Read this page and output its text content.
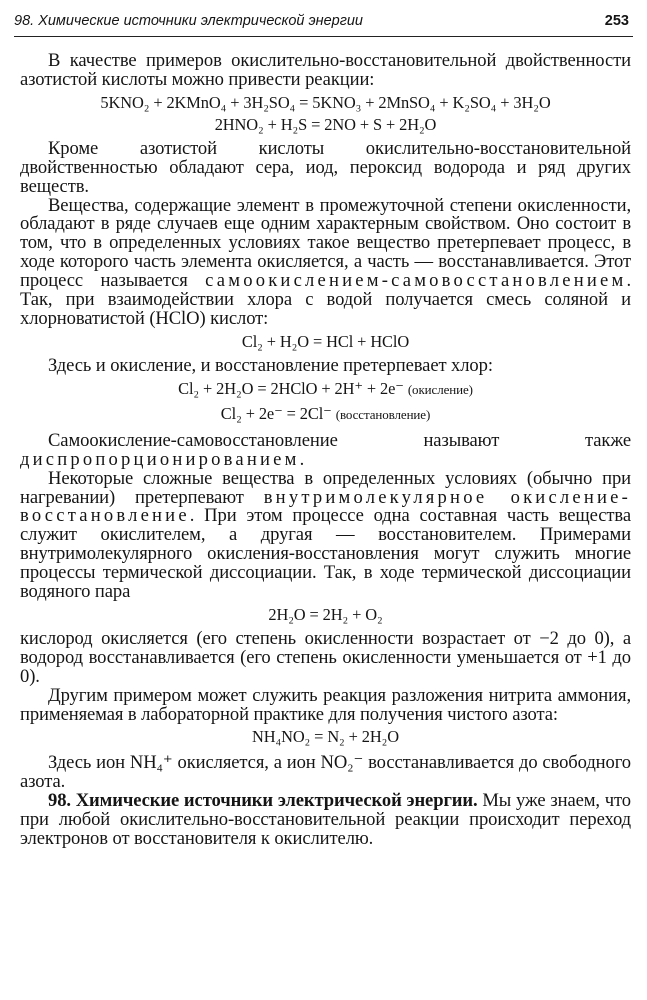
98. Химические источники электрической энергии	253

В качестве примеров окислительно-восстановительной двойственности азотистой кислоты можно привести реакции:

5KNO₂ + 2KMnO₄ + 3H₂SO₄ = 5KNO₃ + 2MnSO₄ + K₂SO₄ + 3H₂O
2HNO₂ + H₂S = 2NO + S + 2H₂O

Кроме азотистой кислоты окислительно-восстановительной двойственностью обладают сера, иод, пероксид водорода и ряд других веществ.

Вещества, содержащие элемент в промежуточной степени окисленности, обладают в ряде случаев еще одним характерным свойством. Оно состоит в том, что в определенных условиях такое вещество претерпевает процесс, в ходе которого часть элемента окисляется, а часть — восстанавливается. Этот процесс называется самоокислением-самовосстановлением. Так, при взаимодействии хлора с водой получается смесь соляной и хлорноватистой (HClO) кислот:

Cl₂ + H₂O = HCl + HClO

Здесь и окисление, и восстановление претерпевает хлор:

Cl₂ + 2H₂O = 2HClO + 2H⁺ + 2e⁻ (окисление)
Cl₂ + 2e⁻ = 2Cl⁻ (восстановление)

Самоокисление-самовосстановление называют также диспропорционированием.

Некоторые сложные вещества в определенных условиях (обычно при нагревании) претерпевают внутримолекулярное окисление-восстановление. При этом процессе одна составная часть вещества служит окислителем, а другая — восстановителем. Примерами внутримолекулярного окисления-восстановления могут служить многие процессы термической диссоциации. Так, в ходе термической диссоциации водяного пара

2H₂O = 2H₂ + O₂

кислород окисляется (его степень окисленности возрастает от −2 до 0), а водород восстанавливается (его степень окисленности уменьшается от +1 до 0).

Другим примером может служить реакция разложения нитрита аммония, применяемая в лабораторной практике для получения чистого азота:

NH₄NO₂ = N₂ + 2H₂O

Здесь ион NH₄⁺ окисляется, а ион NO₂⁻ восстанавливается до свободного азота.

98. Химические источники электрической энергии. Мы уже знаем, что при любой окислительно-восстановительной реакции происходит переход электронов от восстановителя к окислителю.
